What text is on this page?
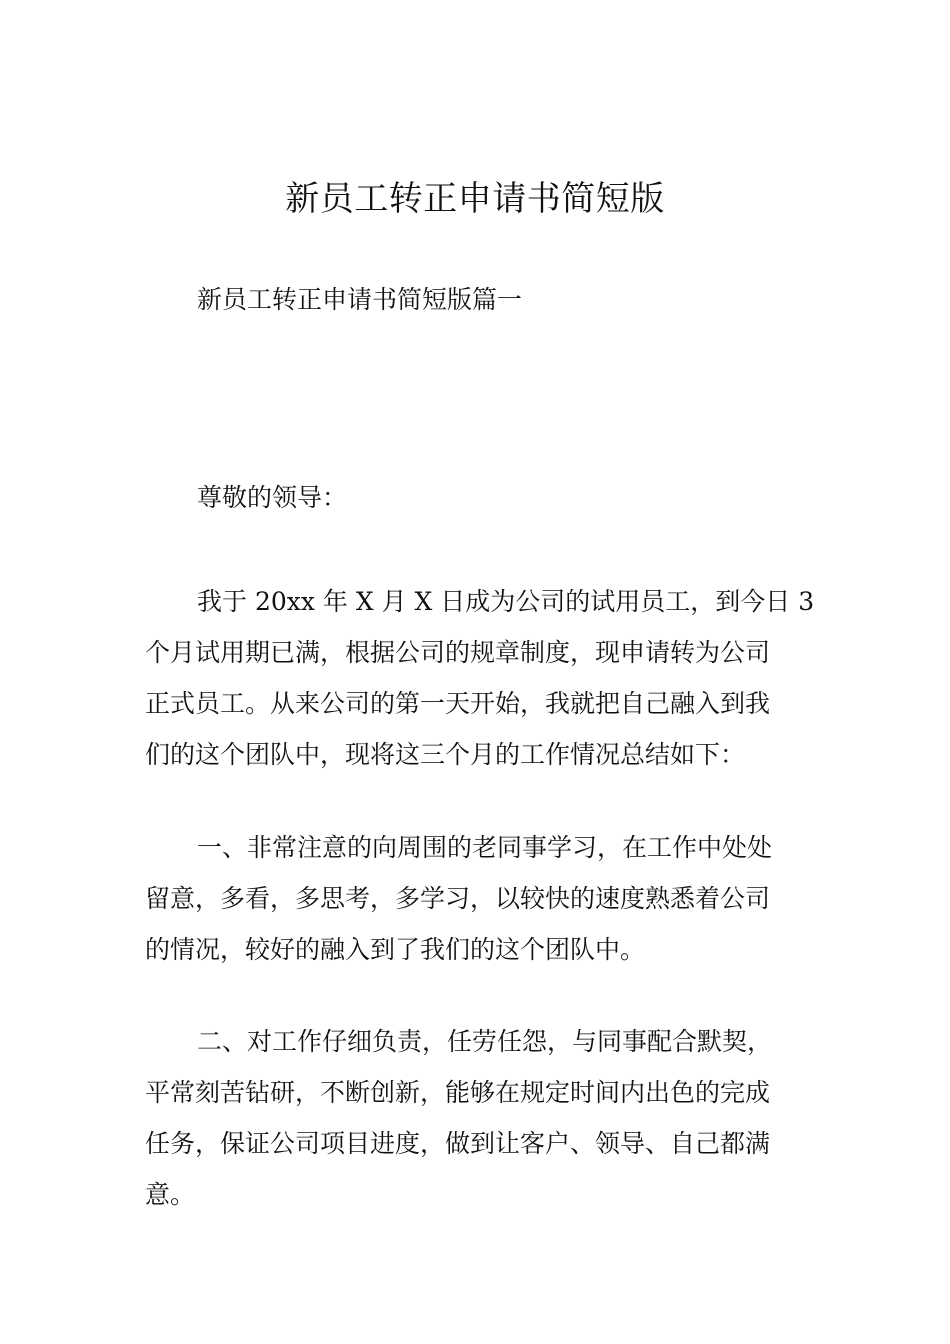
新员工转正申请书简短版

新员工转正申请书简短版篇一

尊敬的领导：

我于 20xx 年 X 月 X 日成为公司的试用员工，到今日 3
个月试用期已满，根据公司的规章制度，现申请转为公司
正式员工。从来公司的第一天开始，我就把自己融入到我
们的这个团队中，现将这三个月的工作情况总结如下：
一、非常注意的向周围的老同事学习，在工作中处处
留意，多看，多思考，多学习，以较快的速度熟悉着公司
的情况，较好的融入到了我们的这个团队中。
二、对工作仔细负责，任劳任怨，与同事配合默契，
平常刻苦钻研，不断创新，能够在规定时间内出色的完成
任务，保证公司项目进度，做到让客户、领导、自己都满
意。
